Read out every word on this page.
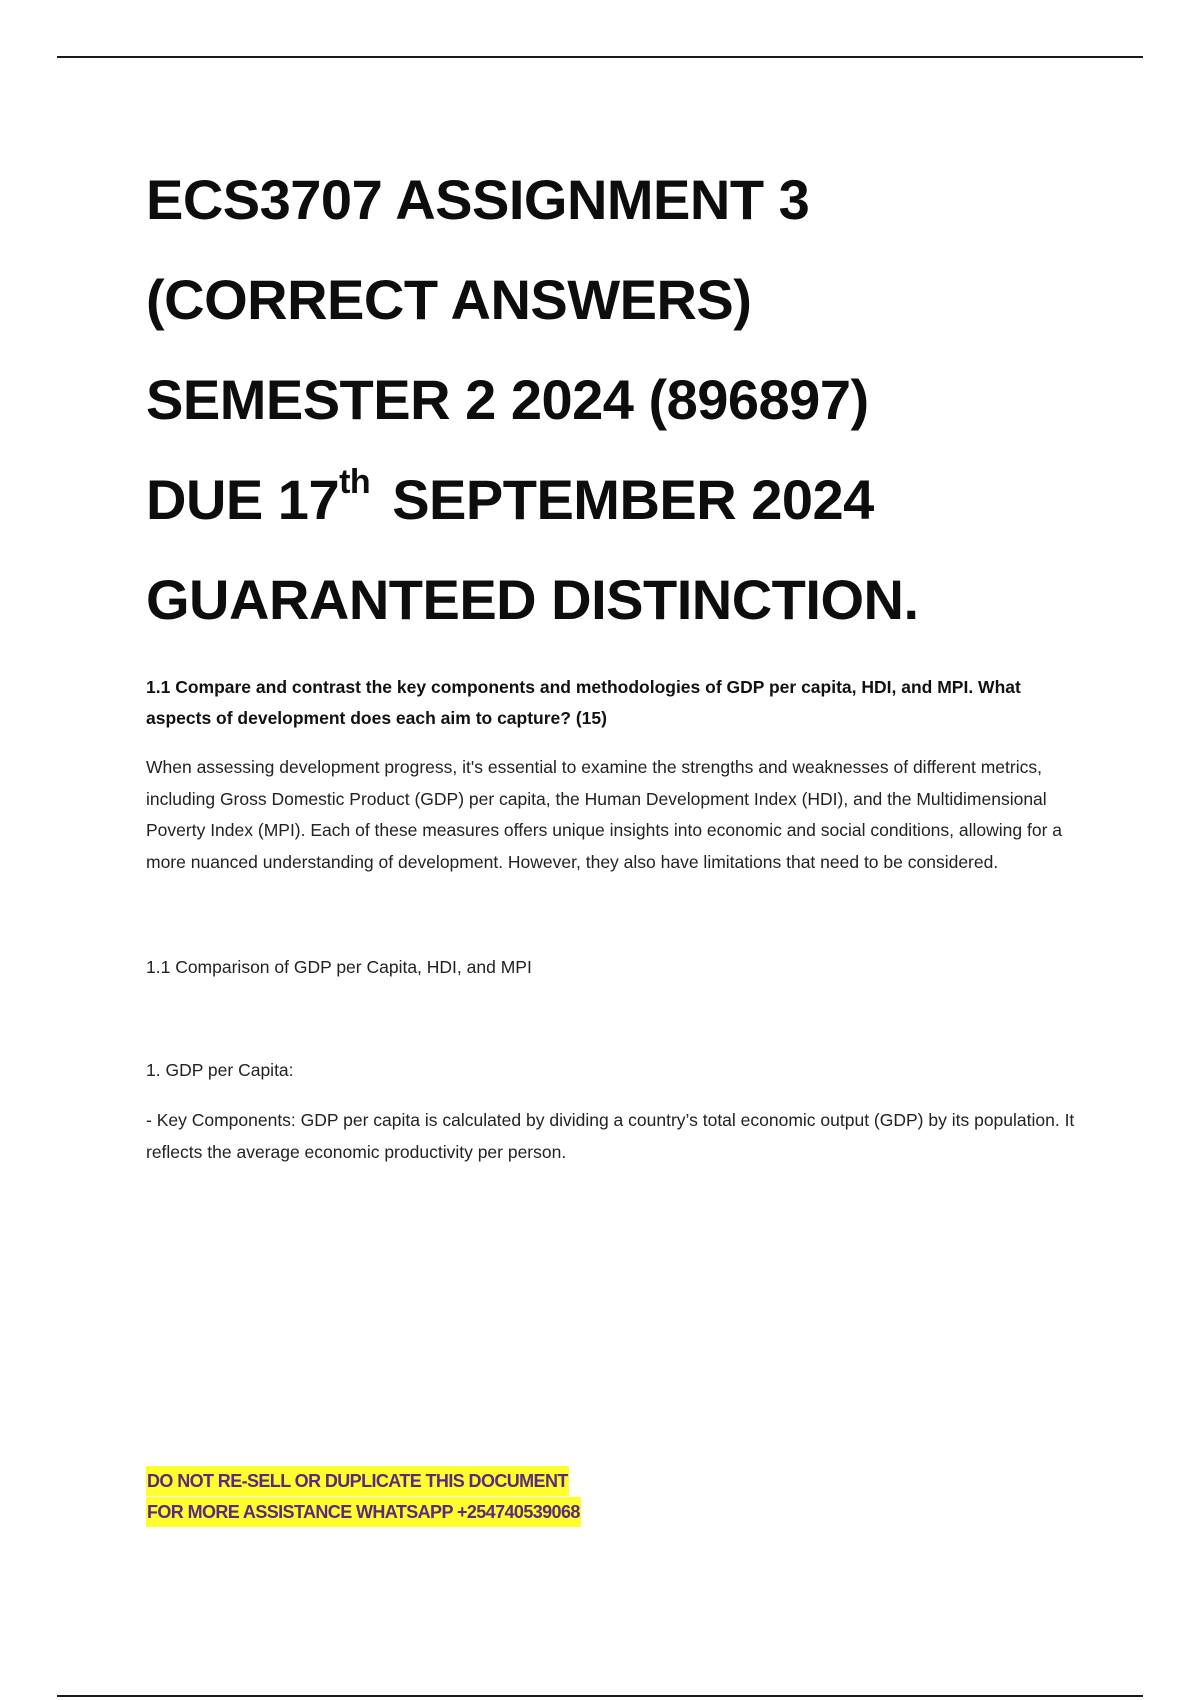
ECS3707 ASSIGNMENT 3
(CORRECT ANSWERS)
SEMESTER 2 2024 (896897)
DUE 17th SEPTEMBER 2024
GUARANTEED DISTINCTION.

1.1 Compare and contrast the key components and methodologies of GDP per capita, HDI, and MPI. What aspects of development does each aim to capture? (15)

When assessing development progress, it's essential to examine the strengths and weaknesses of different metrics, including Gross Domestic Product (GDP) per capita, the Human Development Index (HDI), and the Multidimensional Poverty Index (MPI). Each of these measures offers unique insights into economic and social conditions, allowing for a more nuanced understanding of development. However, they also have limitations that need to be considered.

1.1 Comparison of GDP per Capita, HDI, and MPI

1. GDP per Capita:

- Key Components: GDP per capita is calculated by dividing a country’s total economic output (GDP) by its population. It reflects the average economic productivity per person.

DO NOT RE-SELL OR DUPLICATE THIS DOCUMENT
FOR MORE ASSISTANCE WHATSAPP +254740539068
